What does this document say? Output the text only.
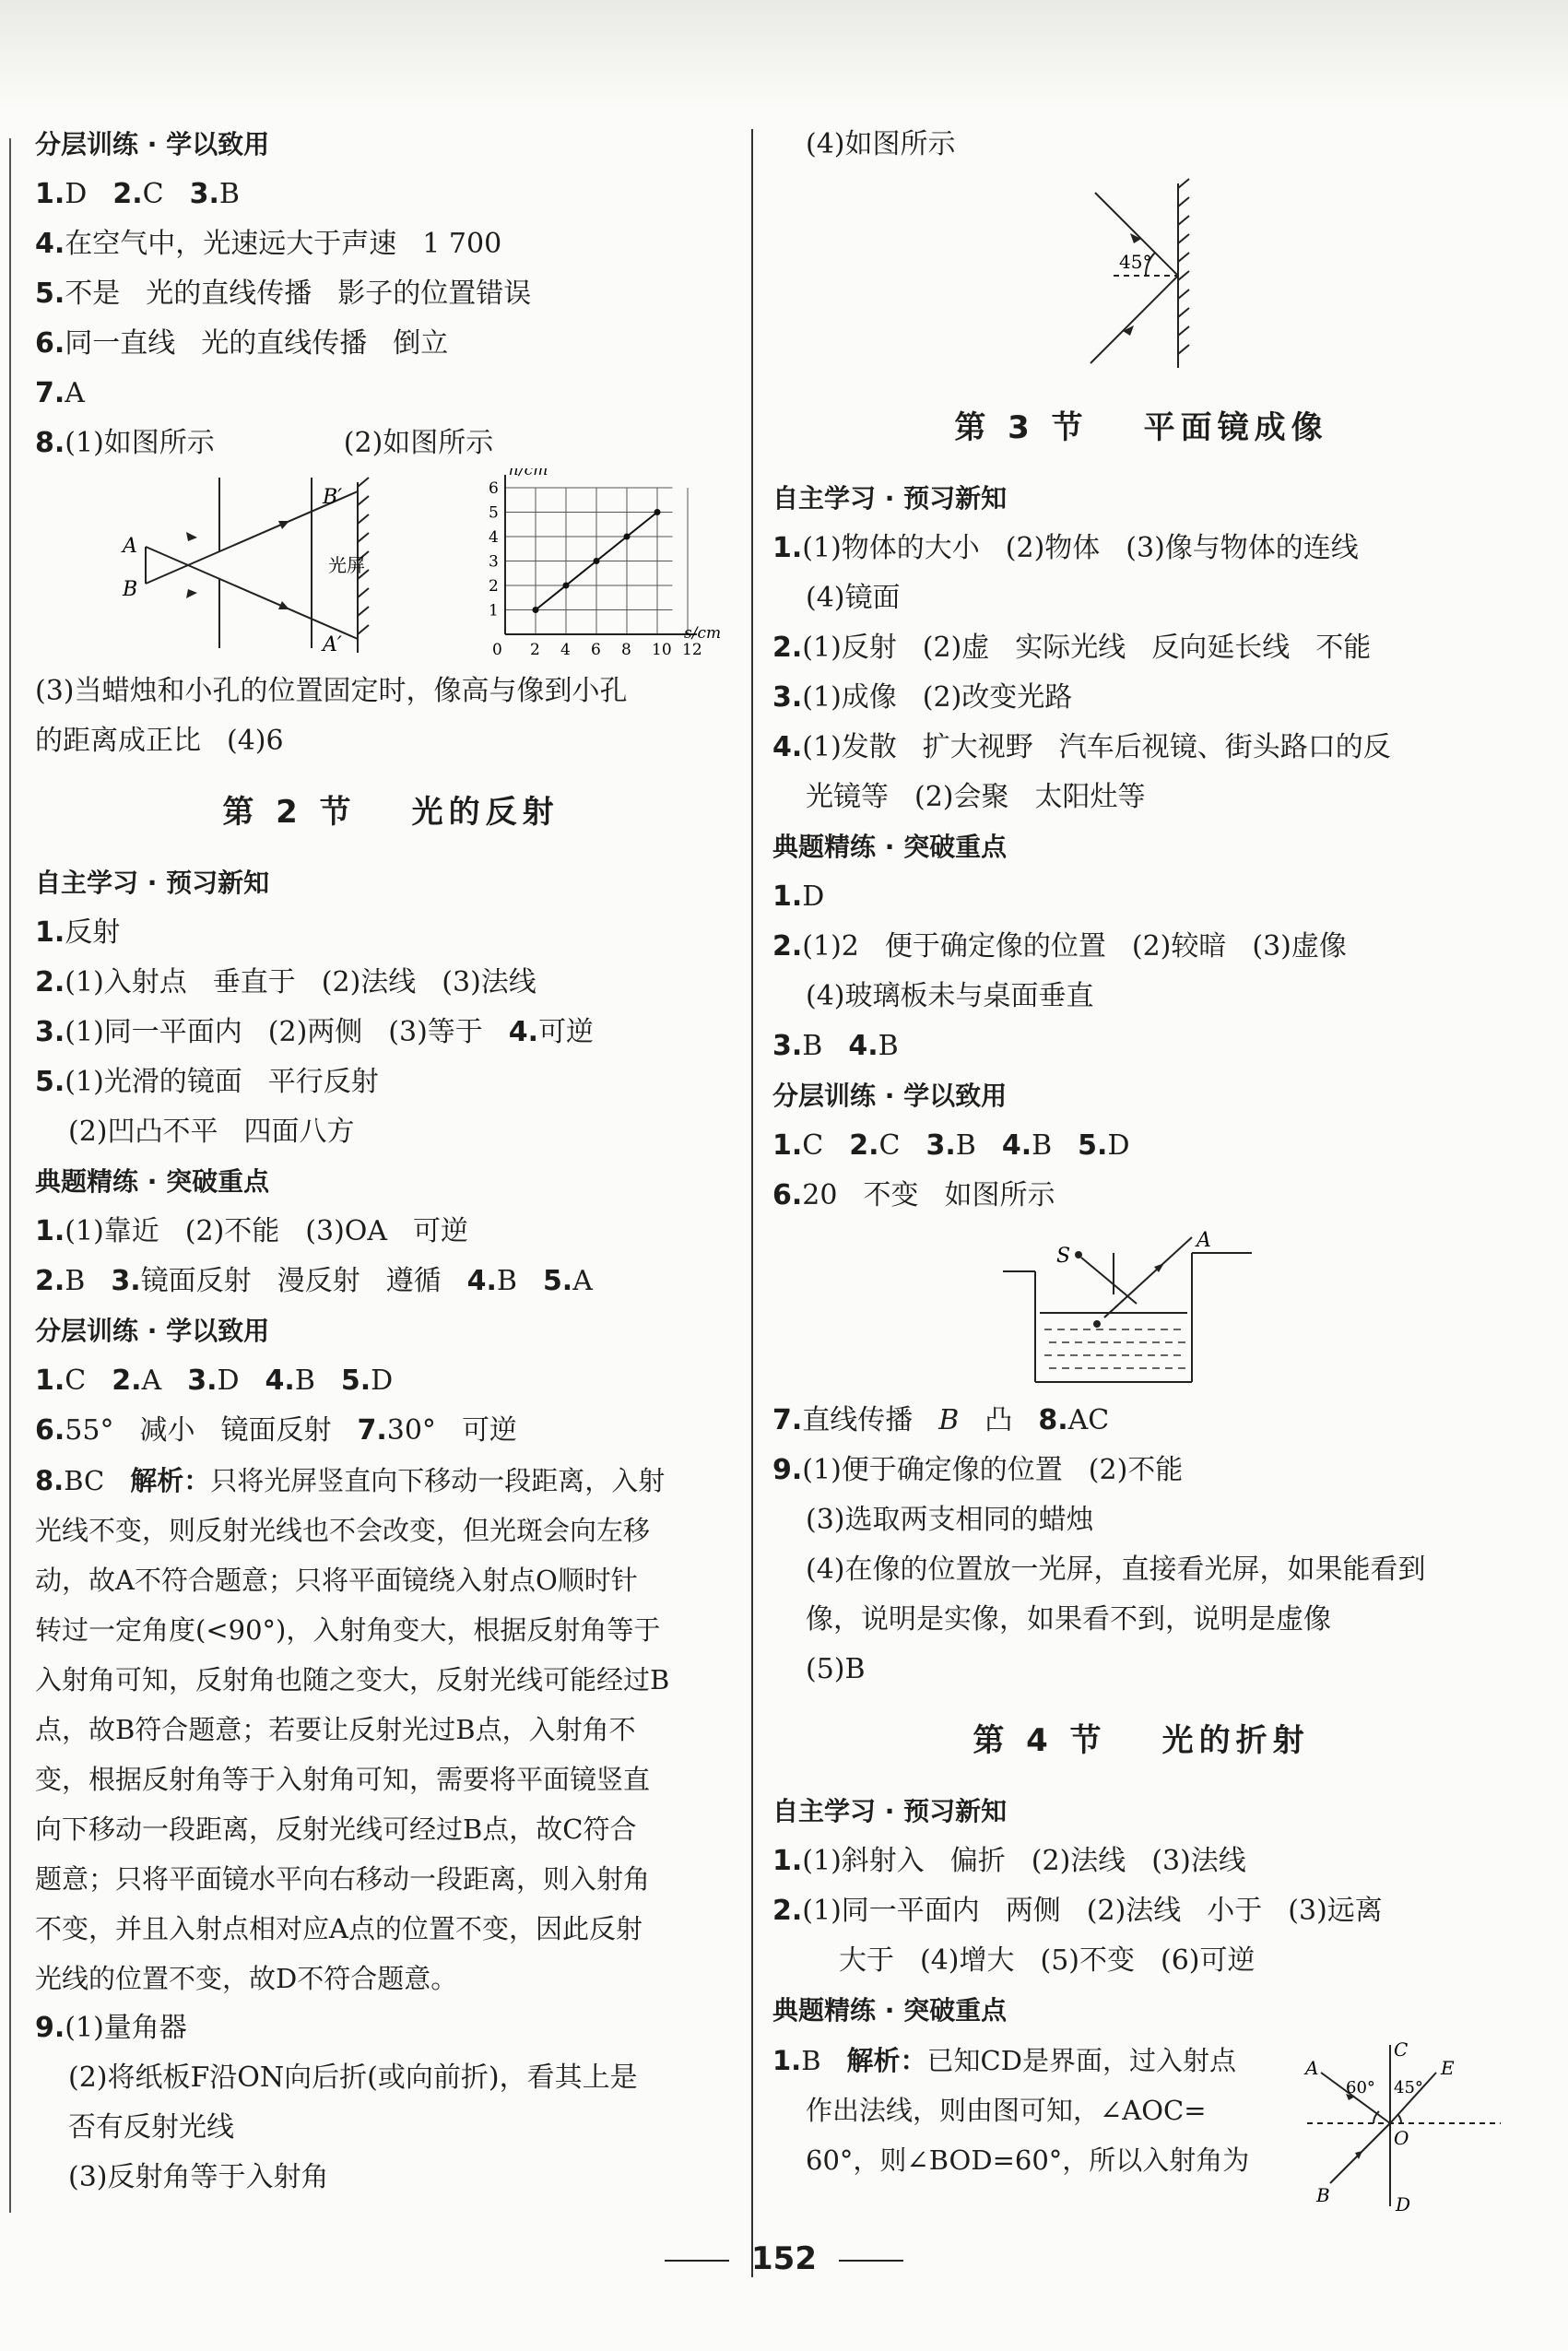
分层训练 · 学以致用
1.D 2.C 3.B
4.在空气中，光速远大于声速 1 700
5.不是 光的直线传播 影子的位置错误
6.同一直线 光的直线传播 倒立
7.A
8.(1)如图所示	(2)如图所示
A
B
B′
A′
光屏
0 2 4 6 8 10 12
1
2
3
4
5
6
h/cm
s/cm
(3)当蜡烛和小孔的位置固定时，像高与像到小孔
的距离成正比 (4)6
第 2 节 光的反射
自主学习 · 预习新知
1.反射
2.(1)入射点 垂直于 (2)法线 (3)法线
3.(1)同一平面内 (2)两侧 (3)等于 4.可逆
5.(1)光滑的镜面 平行反射
(2)凹凸不平 四面八方
典题精练 · 突破重点
1.(1)靠近 (2)不能 (3)OA 可逆
2.B 3.镜面反射 漫反射 遵循 4.B 5.A
分层训练 · 学以致用
1.C 2.A 3.D 4.B 5.D
6.55° 减小 镜面反射 7.30° 可逆
8.BC 解析：只将光屏竖直向下移动一段距离，入射
光线不变，则反射光线也不会改变，但光斑会向左移
动，故A不符合题意；只将平面镜绕入射点O顺时针
转过一定角度(<90°)，入射角变大，根据反射角等于
入射角可知，反射角也随之变大，反射光线可能经过B
点，故B符合题意；若要让反射光过B点，入射角不
变，根据反射角等于入射角可知，需要将平面镜竖直
向下移动一段距离，反射光线可经过B点，故C符合
题意；只将平面镜水平向右移动一段距离，则入射角
不变，并且入射点相对应A点的位置不变，因此反射
光线的位置不变，故D不符合题意。
9.(1)量角器
(2)将纸板F沿ON向后折(或向前折)，看其上是
否有反射光线
(3)反射角等于入射角
(4)如图所示
45°
第 3 节 平面镜成像
自主学习 · 预习新知
1.(1)物体的大小 (2)物体 (3)像与物体的连线
(4)镜面
2.(1)反射 (2)虚 实际光线 反向延长线 不能
3.(1)成像 (2)改变光路
4.(1)发散 扩大视野 汽车后视镜、街头路口的反
光镜等 (2)会聚 太阳灶等
典题精练 · 突破重点
1.D
2.(1)2 便于确定像的位置 (2)较暗 (3)虚像
(4)玻璃板未与桌面垂直
3.B 4.B
分层训练 · 学以致用
1.C 2.C 3.B 4.B 5.D
6.20 不变 如图所示
S
A
7.直线传播 B 凸 8.AC
9.(1)便于确定像的位置 (2)不能
(3)选取两支相同的蜡烛
(4)在像的位置放一光屏，直接看光屏，如果能看到
像，说明是实像，如果看不到，说明是虚像
(5)B
第 4 节 光的折射
自主学习 · 预习新知
1.(1)斜射入 偏折 (2)法线 (3)法线
2.(1)同一平面内 两侧 (2)法线 小于 (3)远离
大于 (4)增大 (5)不变 (6)可逆
典题精练 · 突破重点
1.B 解析：已知CD是界面，过入射点
作出法线，则由图可知，∠AOC=
60°，则∠BOD=60°，所以入射角为
C
A	E
60° 45°
O
B	D
152
